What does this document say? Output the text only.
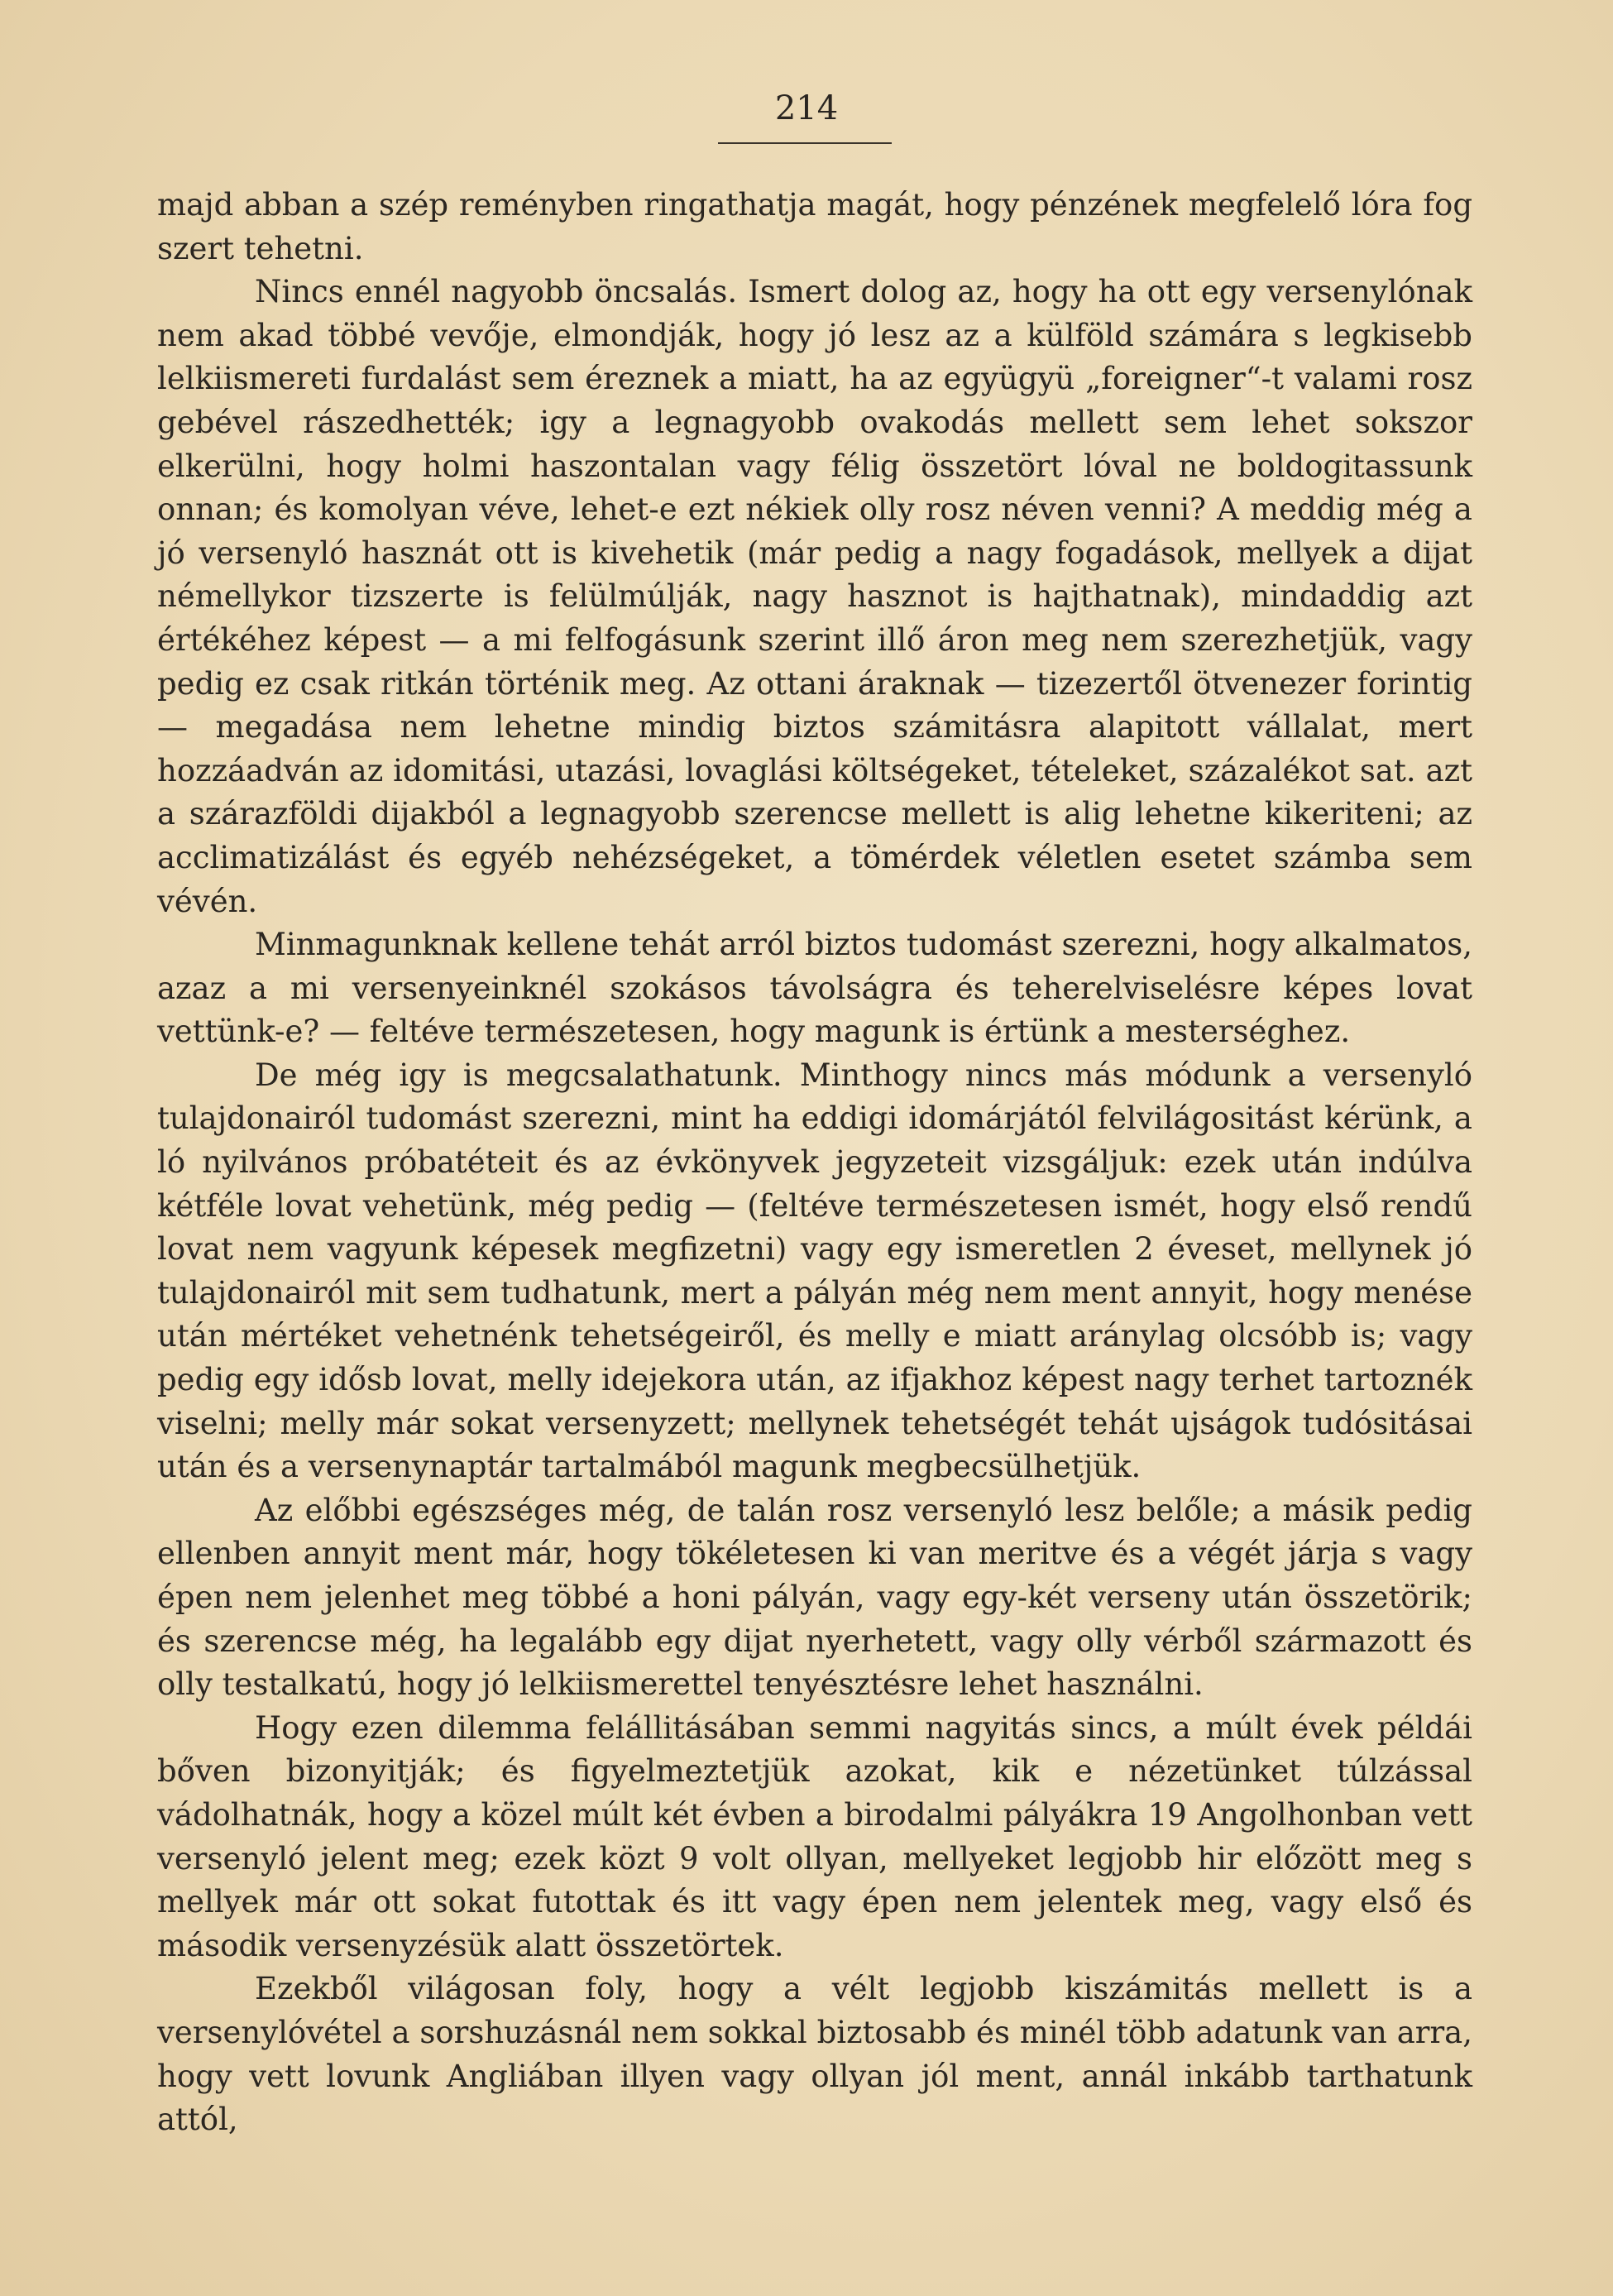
214

majd abban a szép reményben ringathatja magát, hogy pénzének megfelelő lóra fog szert tehetni.

Nincs ennél nagyobb öncsalás. Ismert dolog az, hogy ha ott egy versenylónak nem akad többé vevője, elmondják, hogy jó lesz az a külföld számára s legkisebb lelkiismereti furdalást sem éreznek a miatt, ha az együgyü „foreigner“-t valami rosz gebével rászedhették; igy a legnagyobb ovakodás mellett sem lehet sokszor elkerülni, hogy holmi haszontalan vagy félig összetört lóval ne boldogitassunk onnan; és komolyan véve, lehet-e ezt nékiek olly rosz néven venni? A meddig még a jó versenyló hasznát ott is kivehetik (már pedig a nagy fogadások, mellyek a dijat némellykor tizszerte is felülmúlják, nagy hasznot is hajthatnak), mindaddig azt értékéhez képest — a mi felfogásunk szerint illő áron meg nem szerezhetjük, vagy pedig ez csak ritkán történik meg. Az ottani áraknak — tizezertől ötvenezer forintig — megadása nem lehetne mindig biztos számitásra alapitott vállalat, mert hozzáadván az idomitási, utazási, lovaglási költségeket, tételeket, százalékot sat. azt a szárazföldi dijakból a legnagyobb szerencse mellett is alig lehetne kikeriteni; az acclimatizálást és egyéb nehézségeket, a tömérdek véletlen esetet számba sem vévén.

Minmagunknak kellene tehát arról biztos tudomást szerezni, hogy alkalmatos, azaz a mi versenyeinknél szokásos távolságra és teherelviselésre képes lovat vettünk-e? — feltéve természetesen, hogy magunk is értünk a mesterséghez.

De még igy is megcsalathatunk. Minthogy nincs más módunk a versenyló tulajdonairól tudomást szerezni, mint ha eddigi idomárjától felvilágositást kérünk, a ló nyilvános próbatéteit és az évkönyvek jegyzeteit vizsgáljuk: ezek után indúlva kétféle lovat vehetünk, még pedig — (feltéve természetesen ismét, hogy első rendű lovat nem vagyunk képesek megfizetni) vagy egy ismeretlen 2 éveset, mellynek jó tulajdonairól mit sem tudhatunk, mert a pályán még nem ment annyit, hogy menése után mértéket vehetnénk tehetségeiről, és melly e miatt aránylag olcsóbb is; vagy pedig egy idősb lovat, melly idejekora után, az ifjakhoz képest nagy terhet tartoznék viselni; melly már sokat versenyzett; mellynek tehetségét tehát ujságok tudósitásai után és a versenynaptár tartalmából magunk megbecsülhetjük.

Az előbbi egészséges még, de talán rosz versenyló lesz belőle; a másik pedig ellenben annyit ment már, hogy tökéletesen ki van meritve és a végét járja s vagy épen nem jelenhet meg többé a honi pályán, vagy egy-két verseny után összetörik; és szerencse még, ha legalább egy dijat nyerhetett, vagy olly vérből származott és olly testalkatú, hogy jó lelkiismerettel tenyésztésre lehet használni.

Hogy ezen dilemma felállitásában semmi nagyitás sincs, a múlt évek példái bőven bizonyitják; és figyelmeztetjük azokat, kik e nézetünket túlzással vádolhatnák, hogy a közel múlt két évben a birodalmi pályákra 19 Angolhonban vett versenyló jelent meg; ezek közt 9 volt ollyan, mellyeket legjobb hir előzött meg s mellyek már ott sokat futottak és itt vagy épen nem jelentek meg, vagy első és második versenyzésük alatt összetörtek.

Ezekből világosan foly, hogy a vélt legjobb kiszámitás mellett is a versenylóvétel a sorshuzásnál nem sokkal biztosabb és minél több adatunk van arra, hogy vett lovunk Angliában illyen vagy ollyan jól ment, annál inkább tarthatunk attól,
